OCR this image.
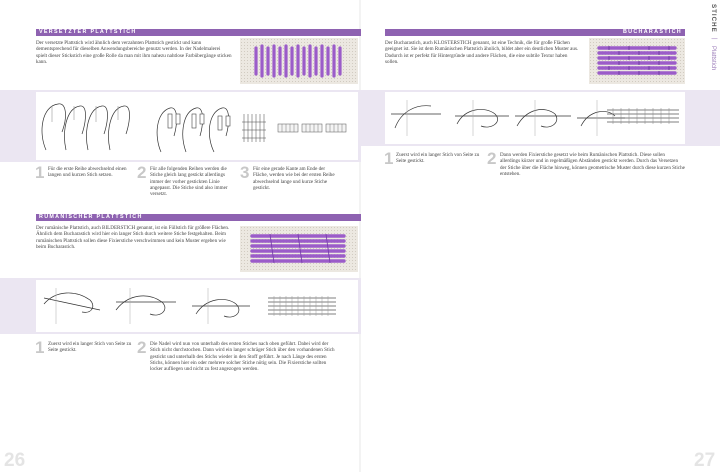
VERSETZTER PLATTSTICH
Der versetzte Plattstich wird ähnlich dem verzahnten Plattstich gestickt und kann dementsprechend für dieselben Anwendungsbereiche genutzt werden. In der Nadelmalerei spielt dieser Stickstich eine große Rolle da man mit ihm nahezu nahtlose Farbübergänge sticken kann.
1 Für die erste Reihe abwechselnd einen langen und kurzen Stich setzen.	2 Für alle folgenden Reihen werden die Stiche gleich lang gestickt allerdings immer der vorher gestickten Linie angepasst. Die Stiche sind also immer versetzt.
3 Für eine gerade Kante am Ende der Fläche, werden wie bei der ersten Reihe abwechselnd lange und kurze Stiche gestickt.
RUMÄNISCHER PLATTSTICH
Der rumänische Plattstich, auch BILDERSTICH genannt, ist ein Füllstich für größere Flächen. Ähnlich dem Bucharastich wird hier ein langer Stich durch weitere Stiche festgehalten. Beim rumänischen Plattstich sollen diese Fixierstiche verschwimmen und kein Muster ergeben wie beim Bucharastich.
1 Zuerst wird ein langer Stich von Seite zu Seite gestickt.	2 Die Nadel wird nun von unterhalb des ersten Stiches nach oben geführt. Dabei wird der Stich nicht durchstochen. Dann wird ein langer schräger Stich über den vorhandenen Stich gestickt und unterhalb des Stichs wieder in den Stoff geführt. Je nach Länge des ersten Stichs, können hier ein oder mehrere solcher Stiche nötig sein. Die Fixierstiche sollten locker aufliegen und nicht zu fest angezogen werden.
26
BUCHARASTICH
Der Bucharastich, auch KLOSTERSTICH genannt, ist eine Technik, die für große Flächen geeignet ist. Sie ist dem Rumänischen Plattstich ähnlich, bildet aber ein deutlichen Muster aus. Dadurch ist er perfekt für Hintergründe und andere Flächen, die eine subtile Textur haben sollen.
1 Zuerst wird ein langer Stich von Seite zu Seite gestickt.	2 Dann werden Fixierstiche gesetzt wie beim Rumänischen Plattstich. Diese sollen allerdings kürzer und in regelmäßigen Abständen gestickt werden. Durch das Versetzen der Stiche über die Fläche hinweg, können geometrische Muster durch diese kurzen Stiche entstehen.
27
STICHE
|
Plattstich
